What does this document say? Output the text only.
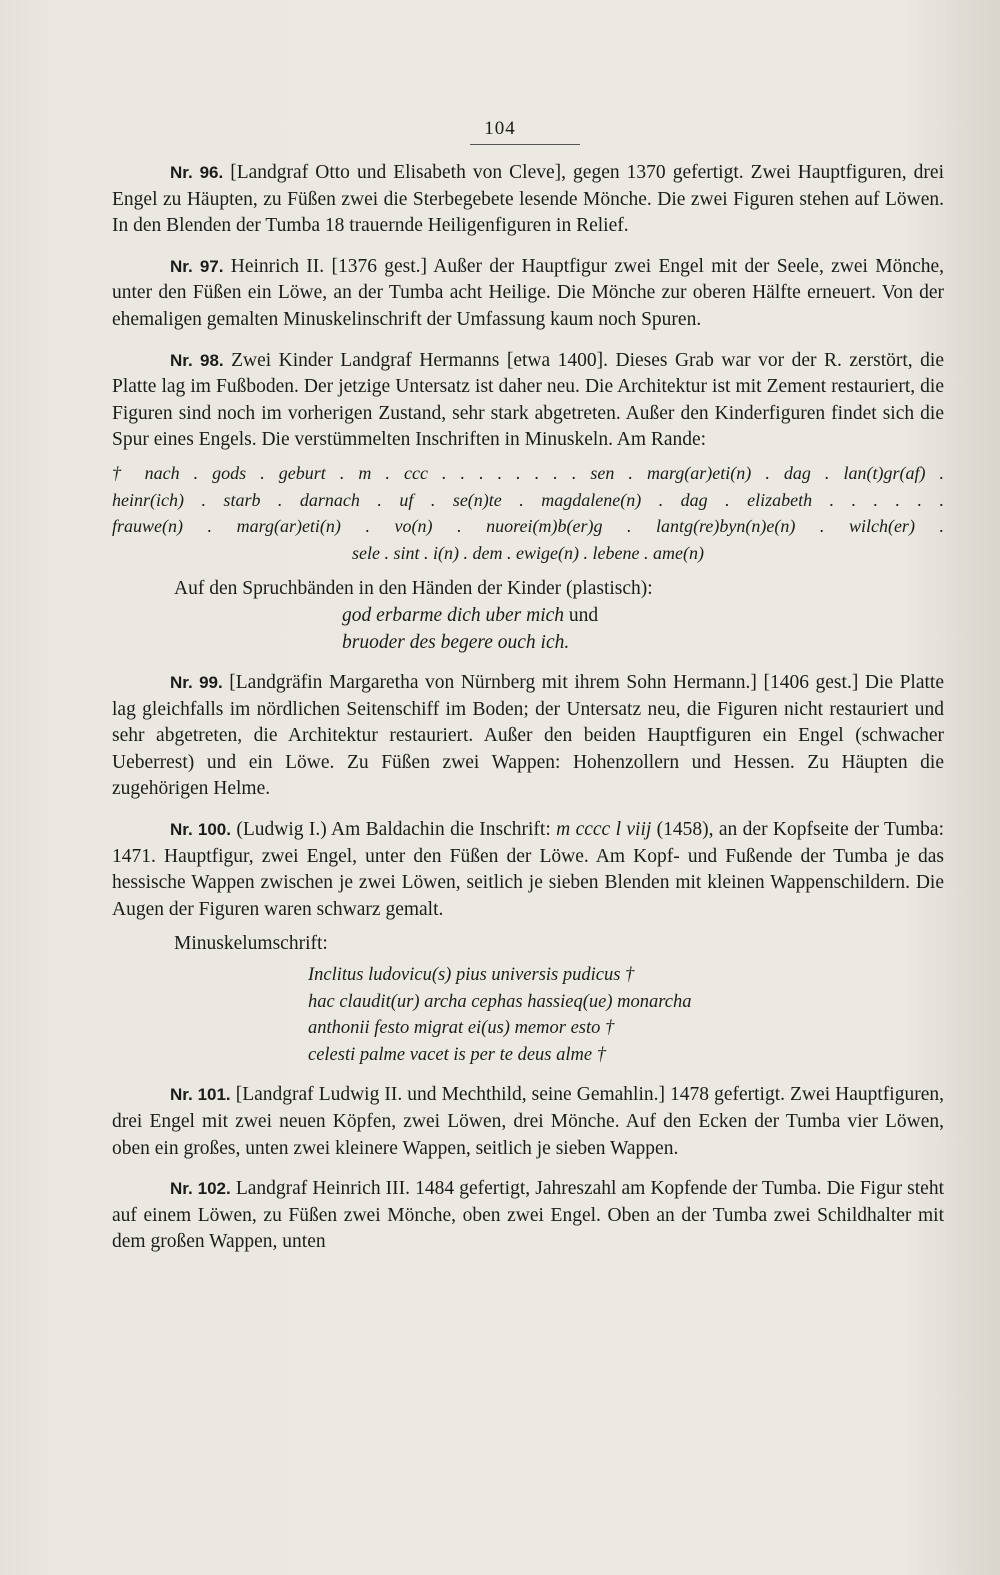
104

Nr. 96. [Landgraf Otto und Elisabeth von Cleve], gegen 1370 gefertigt. Zwei Hauptfiguren, drei Engel zu Häupten, zu Füßen zwei die Sterbegebete lesende Mönche. Die zwei Figuren stehen auf Löwen. In den Blenden der Tumba 18 trauernde Heiligenfiguren in Relief.

Nr. 97. Heinrich II. [1376 gest.] Außer der Hauptfigur zwei Engel mit der Seele, zwei Mönche, unter den Füßen ein Löwe, an der Tumba acht Heilige. Die Mönche zur oberen Hälfte erneuert. Von der ehemaligen gemalten Minuskelinschrift der Umfassung kaum noch Spuren.

Nr. 98. Zwei Kinder Landgraf Hermanns [etwa 1400]. Dieses Grab war vor der R. zerstört, die Platte lag im Fußboden. Der jetzige Untersatz ist daher neu. Die Architektur ist mit Zement restauriert, die Figuren sind noch im vorherigen Zustand, sehr stark abgetreten. Außer den Kinderfiguren findet sich die Spur eines Engels. Die verstümmelten Inschriften in Minuskeln. Am Rande:

† nach . gods . geburt . m . ccc . . . . . . . . sen . marg(ar)eti(n) . dag . lan(t)gr(af) .
heinr(ich) . starb . darnach . uf . se(n)te . magdalene(n) . dag . elizabeth . . . . . .
frauwe(n) . marg(ar)eti(n) . vo(n) . nuorei(m)b(er)g . lantg(re)byn(n)e(n) . wilch(er) .
sele . sint . i(n) . dem . ewige(n) . lebene . ame(n)
Auf den Spruchbänden in den Händen der Kinder (plastisch):
god erbarme dich uber mich und
bruoder des begere ouch ich.

Nr. 99. [Landgräfin Margaretha von Nürnberg mit ihrem Sohn Hermann.] [1406 gest.] Die Platte lag gleichfalls im nördlichen Seitenschiff im Boden; der Untersatz neu, die Figuren nicht restauriert und sehr abgetreten, die Architektur restauriert. Außer den beiden Hauptfiguren ein Engel (schwacher Ueberrest) und ein Löwe. Zu Füßen zwei Wappen: Hohenzollern und Hessen. Zu Häupten die zugehörigen Helme.

Nr. 100. (Ludwig I.) Am Baldachin die Inschrift: m cccc l viij (1458), an der Kopfseite der Tumba: 1471. Hauptfigur, zwei Engel, unter den Füßen der Löwe. Am Kopf- und Fußende der Tumba je das hessische Wappen zwischen je zwei Löwen, seitlich je sieben Blenden mit kleinen Wappenschildern. Die Augen der Figuren waren schwarz gemalt.

Minuskelumschrift:
Inclitus ludovicu(s) pius universis pudicus †
hac claudit(ur) archa cephas hassieq(ue) monarcha
anthonii festo migrat ei(us) memor esto †
celesti palme vacet is per te deus alme †

Nr. 101. [Landgraf Ludwig II. und Mechthild, seine Gemahlin.] 1478 gefertigt. Zwei Hauptfiguren, drei Engel mit zwei neuen Köpfen, zwei Löwen, drei Mönche. Auf den Ecken der Tumba vier Löwen, oben ein großes, unten zwei kleinere Wappen, seitlich je sieben Wappen.

Nr. 102. Landgraf Heinrich III. 1484 gefertigt, Jahreszahl am Kopfende der Tumba. Die Figur steht auf einem Löwen, zu Füßen zwei Mönche, oben zwei Engel. Oben an der Tumba zwei Schildhalter mit dem großen Wappen, unten
